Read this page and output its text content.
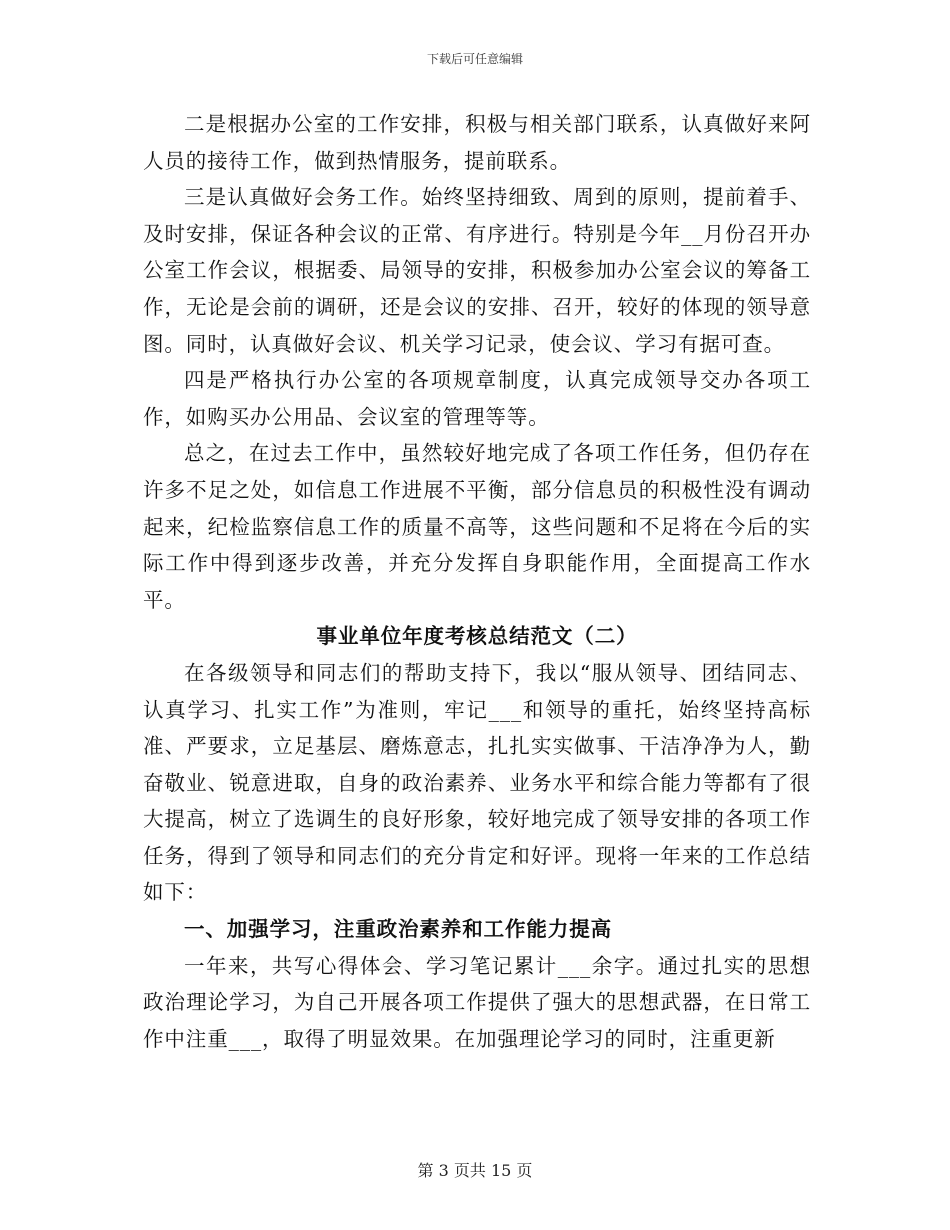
下载后可任意编辑

二是根据办公室的工作安排，积极与相关部门联系，认真做好来阿人员的接待工作，做到热情服务，提前联系。

三是认真做好会务工作。始终坚持细致、周到的原则，提前着手、及时安排，保证各种会议的正常、有序进行。特别是今年__月份召开办公室工作会议，根据委、局领导的安排，积极参加办公室会议的筹备工作，无论是会前的调研，还是会议的安排、召开，较好的体现的领导意图。同时，认真做好会议、机关学习记录，使会议、学习有据可查。

四是严格执行办公室的各项规章制度，认真完成领导交办各项工作，如购买办公用品、会议室的管理等等。

总之，在过去工作中，虽然较好地完成了各项工作任务，但仍存在许多不足之处，如信息工作进展不平衡，部分信息员的积极性没有调动起来，纪检监察信息工作的质量不高等，这些问题和不足将在今后的实际工作中得到逐步改善，并充分发挥自身职能作用，全面提高工作水平。

事业单位年度考核总结范文（二）

在各级领导和同志们的帮助支持下，我以“服从领导、团结同志、认真学习、扎实工作”为准则，牢记___和领导的重托，始终坚持高标准、严要求，立足基层、磨炼意志，扎扎实实做事、干洁净净为人，勤奋敬业、锐意进取，自身的政治素养、业务水平和综合能力等都有了很大提高，树立了选调生的良好形象，较好地完成了领导安排的各项工作任务，得到了领导和同志们的充分肯定和好评。现将一年来的工作总结如下：

一、加强学习，注重政治素养和工作能力提高

一年来，共写心得体会、学习笔记累计___余字。通过扎实的思想政治理论学习，为自己开展各项工作提供了强大的思想武器，在日常工作中注重___，取得了明显效果。在加强理论学习的同时，注重更新

第 3 页共 15 页
